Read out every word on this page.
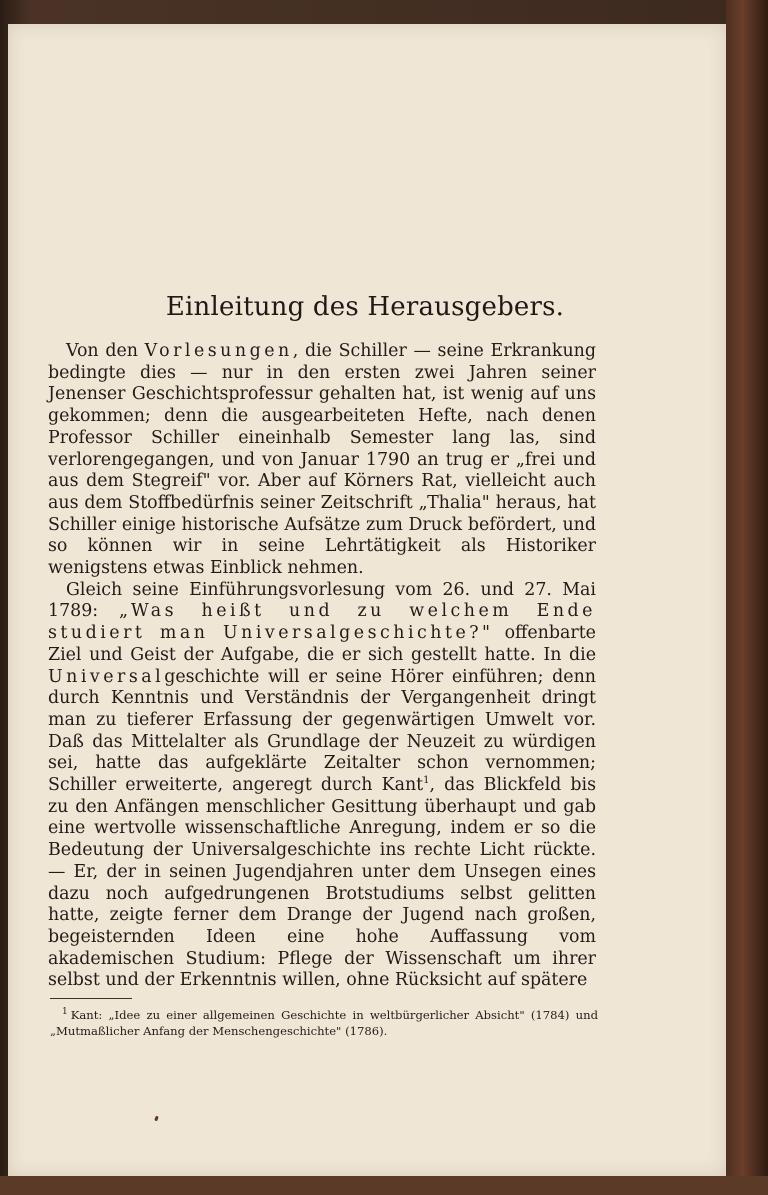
Einleitung des Herausgebers.

Von den Vorlesungen, die Schiller — seine Erkrankung bedingte dies — nur in den ersten zwei Jahren seiner Jenenser Geschichtsprofessur gehalten hat, ist wenig auf uns gekommen; denn die ausgearbeiteten Hefte, nach denen Professor Schiller eineinhalb Semester lang las, sind verlorengegangen, und von Januar 1790 an trug er „frei und aus dem Stegreif" vor. Aber auf Körners Rat, vielleicht auch aus dem Stoffbedürfnis seiner Zeitschrift „Thalia" heraus, hat Schiller einige historische Aufsätze zum Druck befördert, und so können wir in seine Lehrtätigkeit als Historiker wenigstens etwas Einblick nehmen.

Gleich seine Einführungsvorlesung vom 26. und 27. Mai 1789: „Was heißt und zu welchem Ende studiert man Universalgeschichte?" offenbarte Ziel und Geist der Aufgabe, die er sich gestellt hatte. In die Universalgeschichte will er seine Hörer einführen; denn durch Kenntnis und Verständnis der Vergangenheit dringt man zu tieferer Erfassung der gegenwärtigen Umwelt vor. Daß das Mittelalter als Grundlage der Neuzeit zu würdigen sei, hatte das aufgeklärte Zeitalter schon vernommen; Schiller erweiterte, angeregt durch Kant$^1$, das Blickfeld bis zu den Anfängen menschlicher Gesittung überhaupt und gab eine wertvolle wissenschaftliche Anregung, indem er so die Bedeutung der Universalgeschichte ins rechte Licht rückte. — Er, der in seinen Jugendjahren unter dem Unsegen eines dazu noch aufgedrungenen Brotstudiums selbst gelitten hatte, zeigte ferner dem Drange der Jugend nach großen, begeisternden Ideen eine hohe Auffassung vom akademischen Studium: Pflege der Wissenschaft um ihrer selbst und der Erkenntnis willen, ohne Rücksicht auf spätere

$^1$ Kant: „Idee zu einer allgemeinen Geschichte in weltbürgerlicher Absicht" (1784) und „Mutmaßlicher Anfang der Menschengeschichte" (1786).
